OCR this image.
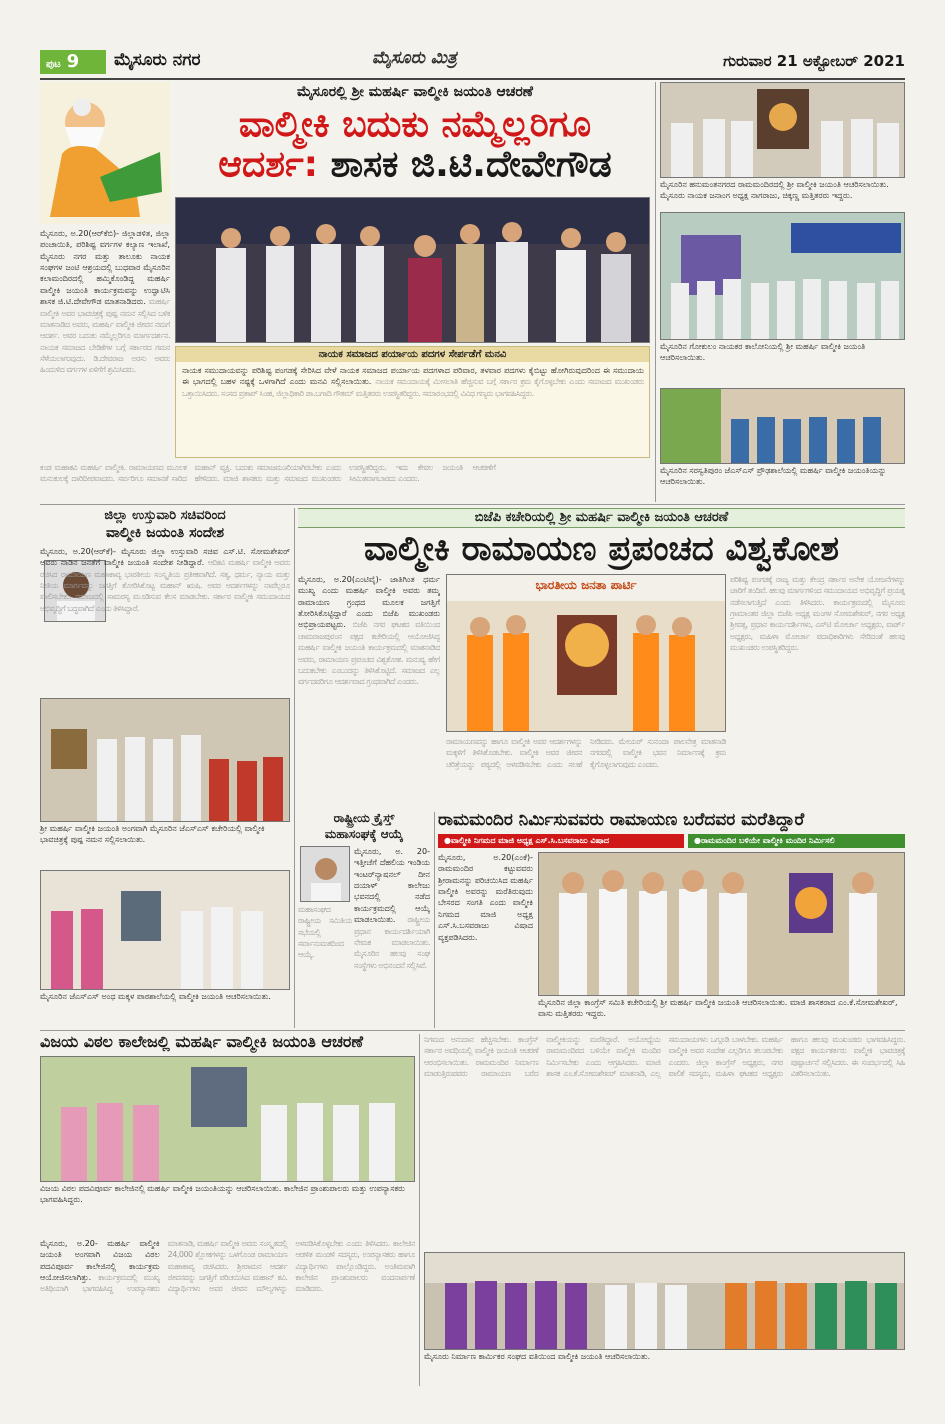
ಪುಟ 9	ಮೈಸೂರು ನಗರ	ಮೈಸೂರು ಮಿತ್ರ	ಗುರುವಾರ 21 ಅಕ್ಟೋಬರ್ 2021
ಮೈಸೂರಲ್ಲಿ ಶ್ರೀ ಮಹರ್ಷಿ ವಾಲ್ಮೀಕಿ ಜಯಂತಿ ಆಚರಣೆ
ವಾಲ್ಮೀಕಿ ಬದುಕು ನಮ್ಮೆಲ್ಲರಿಗೂ
ಆದರ್ಶ: ಶಾಸಕ ಜಿ.ಟಿ.ದೇವೇಗೌಡ
ಮೈಸೂರು, ಅ.20(ಆರ್‌ಕೆಬಿ)- ಜಿಲ್ಲಾಡಳಿತ, ಜಿಲ್ಲಾ ಪಂಚಾಯಿತಿ, ಪರಿಶಿಷ್ಟ ವರ್ಗಗಳ ಕಲ್ಯಾಣ ಇಲಾಖೆ, ಮೈಸೂರು ನಗರ ಮತ್ತು ತಾಲೂಕು ನಾಯಕ ಸಂಘಗಳ ಜಂಟಿ ಆಶ್ರಯದಲ್ಲಿ ಬುಧವಾರ ಮೈಸೂರಿನ ಕಲಾಮಂದಿರದಲ್ಲಿ ಹಮ್ಮಿಕೊಂಡಿದ್ದ ಮಹರ್ಷಿ ವಾಲ್ಮೀಕಿ ಜಯಂತಿ ಕಾರ್ಯಕ್ರಮವನ್ನು ಉದ್ಘಾಟಿಸಿ ಶಾಸಕ ಜಿ.ಟಿ.ದೇವೇಗೌಡ ಮಾತನಾಡಿದರು. ಮಹರ್ಷಿ ವಾಲ್ಮೀಕಿ ಅವರ ಭಾವಚಿತ್ರಕ್ಕೆ ಪುಷ್ಪ ನಮನ ಸಲ್ಲಿಸಿದ ಬಳಿಕ ಮಾತನಾಡಿದ ಅವರು, ಮಹರ್ಷಿ ವಾಲ್ಮೀಕಿ ಜೀವನ ನಮಗೆ ಆದರ್ಶ. ಅವರ ಬದುಕು ನಮ್ಮೆಲ್ಲರಿಗೂ ಮಾರ್ಗದರ್ಶನ. ನಾಯಕ ಸಮಾಜದ ಬೇಡಿಕೆಗಳ ಬಗ್ಗೆ ಸರ್ಕಾರದ ಗಮನ ಸೆಳೆಯಲಾಗುವುದು. ಡಿ.ದೇವರಾಜ ಅರಸು ಅವರು ಹಿಂದುಳಿದ ವರ್ಗಗಳ ಏಳಿಗೆಗೆ ಶ್ರಮಿಸಿದರು.
ನಾಯಕ ಸಮಾಜದ ಪರ್ಯಾಯ ಪದಗಳ ಸೇರ್ಪಡೆಗೆ ಮನವಿ
ನಾಯಕ ಸಮುದಾಯವನ್ನು ಪರಿಶಿಷ್ಟ ಪಂಗಡಕ್ಕೆ ಸೇರಿಸಿದ ವೇಳೆ ನಾಯಕ ಸಮಾಜದ ಪರ್ಯಾಯ ಪದಗಳಾದ ಪರಿವಾರ, ತಳವಾರ ಪದಗಳು ಕೈಬಿಟ್ಟು ಹೋಗಿರುವುದರಿಂದ ಈ ಸಮುದಾಯ ಈ ಭಾಗದಲ್ಲಿ ಬಹಳ ನಷ್ಟಕ್ಕೆ ಒಳಗಾಗಿದೆ ಎಂದು ಮನವಿ ಸಲ್ಲಿಸಲಾಯಿತು. ನಾಯಕ ಸಮುದಾಯಕ್ಕೆ ಮೀಸಲಾತಿ ಹೆಚ್ಚಿಸುವ ಬಗ್ಗೆ ಸರ್ಕಾರ ಕ್ರಮ ಕೈಗೊಳ್ಳಬೇಕು ಎಂದು ಸಮಾಜದ ಮುಖಂಡರು ಒತ್ತಾಯಿಸಿದರು. ಸಂಸದ ಪ್ರತಾಪ್ ಸಿಂಹ, ಜಿಲ್ಲಾಧಿಕಾರಿ ಡಾ.ಬಗಾದಿ ಗೌತಮ್ ಮತ್ತಿತರರು ಉಪಸ್ಥಿತರಿದ್ದರು. ಸಮಾರಂಭದಲ್ಲಿ ವಿವಿಧ ಗಣ್ಯರು ಭಾಗವಹಿಸಿದ್ದರು.
ಕಂಡ ಮಹಾಕವಿ ಮಹರ್ಷಿ ವಾಲ್ಮೀಕಿ. ರಾಮಾಯಣದ ಮೂಲಕ ಮನುಕುಲಕ್ಕೆ ದಾರಿದೀಪವಾದರು. ಸರ್ವರಿಗೂ ಸಮಾನತೆ ಸಾರಿದ ಮಹಾನ್ ವ್ಯಕ್ತಿ. ಬದುಕು ಸಮಾಜಮುಖಿಯಾಗಿರಬೇಕು ಎಂದು ಹೇಳಿದರು. ಮಾಜಿ ಶಾಸಕರು ಮತ್ತು ಸಮಾಜದ ಮುಖಂಡರು ಉಪಸ್ಥಿತರಿದ್ದರು. ಇದು ಕೇವಲ ಜಯಂತಿ ಆಚರಣೆಗೆ ಸೀಮಿತವಾಗಬಾರದು ಎಂದರು.
ಮೈಸೂರಿನ ಹನುಮಂತನಗರದ ರಾಮಮಂದಿರದಲ್ಲಿ ಶ್ರೀ ವಾಲ್ಮೀಕಿ ಜಯಂತಿ ಆಚರಿಸಲಾಯಿತು. ಮೈಸೂರು ನಾಯಕ ಜನಾಂಗ ಅಧ್ಯಕ್ಷ ನಾಗರಾಜು, ಚಿಕ್ಕಣ್ಣ ಮತ್ತಿತರರು ಇದ್ದರು.
ಮೈಸೂರಿನ ಗೋಕುಲಂ ನಾಯಕರ ಕಾಲೋನಿಯಲ್ಲಿ ಶ್ರೀ ಮಹರ್ಷಿ ವಾಲ್ಮೀಕಿ ಜಯಂತಿ ಆಚರಿಸಲಾಯಿತು.
ಮೈಸೂರಿನ ಸರಸ್ವತಿಪುರಂ ಜೆಎಸ್‌ಎಸ್ ಪ್ರೌಢಶಾಲೆಯಲ್ಲಿ ಮಹರ್ಷಿ ವಾಲ್ಮೀಕಿ ಜಯಂತಿಯನ್ನು ಆಚರಿಸಲಾಯಿತು.
ಜಿಲ್ಲಾ ಉಸ್ತುವಾರಿ ಸಚಿವರಿಂದ
ವಾಲ್ಮೀಕಿ ಜಯಂತಿ ಸಂದೇಶ
ಮೈಸೂರು, ಅ.20(ಆರ್‌ಕೆ)- ಮೈಸೂರು ಜಿಲ್ಲಾ ಉಸ್ತುವಾರಿ ಸಚಿವ ಎಸ್.ಟಿ. ಸೋಮಶೇಖರ್ ಅವರು ನಾಡಿನ ಜನತೆಗೆ ವಾಲ್ಮೀಕಿ ಜಯಂತಿ ಸಂದೇಶ ನೀಡಿದ್ದಾರೆ. ಆದಿಕವಿ ಮಹರ್ಷಿ ವಾಲ್ಮೀಕಿ ಅವರು ರಚಿಸಿದ ರಾಮಾಯಣ ಮಹಾಕಾವ್ಯ ಭಾರತೀಯ ಸಂಸ್ಕೃತಿಯ ಪ್ರತೀಕವಾಗಿದೆ. ಸತ್ಯ, ಧರ್ಮ, ನ್ಯಾಯ ಮತ್ತು ನೀತಿಯ ಮಾರ್ಗವನ್ನು ಜಗತ್ತಿಗೆ ತೋರಿಸಿಕೊಟ್ಟ ಮಹಾನ್ ಋಷಿ. ಅವರ ಆದರ್ಶಗಳನ್ನು ನಾವೆಲ್ಲರೂ ಪಾಲಿಸಬೇಕು. ಸಮಾಜದಲ್ಲಿ ಸಾಮರಸ್ಯ ಮೂಡಿಸುವ ಕೆಲಸ ಮಾಡಬೇಕು. ಸರ್ಕಾರ ವಾಲ್ಮೀಕಿ ಸಮುದಾಯದ ಅಭಿವೃದ್ಧಿಗೆ ಬದ್ಧವಾಗಿದೆ ಎಂದು ತಿಳಿಸಿದ್ದಾರೆ.
ಶ್ರೀ ಮಹರ್ಷಿ ವಾಲ್ಮೀಕಿ ಜಯಂತಿ ಅಂಗವಾಗಿ ಮೈಸೂರಿನ ಜೆಎಸ್‌ಎಸ್ ಕಚೇರಿಯಲ್ಲಿ ವಾಲ್ಮೀಕಿ ಭಾವಚಿತ್ರಕ್ಕೆ ಪುಷ್ಪ ನಮನ ಸಲ್ಲಿಸಲಾಯಿತು.
ಮೈಸೂರಿನ ಜೆಎಸ್‌ಎಸ್ ಅಂಧ ಮಕ್ಕಳ ಪಾಠಶಾಲೆಯಲ್ಲಿ ವಾಲ್ಮೀಕಿ ಜಯಂತಿ ಆಚರಿಸಲಾಯಿತು.
ಬಿಜೆಪಿ ಕಚೇರಿಯಲ್ಲಿ ಶ್ರೀ ಮಹರ್ಷಿ ವಾಲ್ಮೀಕಿ ಜಯಂತಿ ಆಚರಣೆ
ವಾಲ್ಮೀಕಿ ರಾಮಾಯಣ ಪ್ರಪಂಚದ ವಿಶ್ವಕೋಶ
ಮೈಸೂರು, ಅ.20(ಎಂಟಿವೈ)- ಜಾತಿಗಿಂತ ಧರ್ಮ ಮುಖ್ಯ ಎಂದು ಮಹರ್ಷಿ ವಾಲ್ಮೀಕಿ ಅವರು ತಮ್ಮ ರಾಮಾಯಣ ಗ್ರಂಥದ ಮೂಲಕ ಜಗತ್ತಿಗೆ ತೋರಿಸಿಕೊಟ್ಟಿದ್ದಾರೆ ಎಂದು ಬಿಜೆಪಿ ಮುಖಂಡರು ಅಭಿಪ್ರಾಯಪಟ್ಟರು. ಬಿಜೆಪಿ ನಗರ ಘಟಕದ ವತಿಯಿಂದ ಚಾಮರಾಜಪುರಂನ ಪಕ್ಷದ ಕಚೇರಿಯಲ್ಲಿ ಆಯೋಜಿಸಿದ್ದ ಮಹರ್ಷಿ ವಾಲ್ಮೀಕಿ ಜಯಂತಿ ಕಾರ್ಯಕ್ರಮದಲ್ಲಿ ಮಾತನಾಡಿದ ಅವರು, ರಾಮಾಯಣ ಪ್ರಪಂಚದ ವಿಶ್ವಕೋಶ. ಮನುಷ್ಯ ಹೇಗೆ ಬದುಕಬೇಕು ಎಂಬುದನ್ನು ತಿಳಿಸಿಕೊಟ್ಟಿದೆ. ಸಮಾಜದ ಎಲ್ಲ ವರ್ಗದವರಿಗೂ ಆದರ್ಶವಾದ ಗ್ರಂಥವಾಗಿದೆ ಎಂದರು.
ಭಾರತೀಯ ಜನತಾ ಪಾರ್ಟಿ	ಪರಿಶಿಷ್ಟ ಪಂಗಡಕ್ಕೆ ರಾಜ್ಯ ಮತ್ತು ಕೇಂದ್ರ ಸರ್ಕಾರ ಅನೇಕ ಯೋಜನೆಗಳನ್ನು ಜಾರಿಗೆ ತಂದಿವೆ. ಹಲವು ಮಾರ್ಗಗಳಿಂದ ಸಮುದಾಯದ ಅಭಿವೃದ್ಧಿಗೆ ಪ್ರಯತ್ನ ನಡೆಸಲಾಗುತ್ತಿದೆ ಎಂದು ತಿಳಿಸಿದರು. ಕಾರ್ಯಕ್ರಮದಲ್ಲಿ ಮೈಸೂರು ಗ್ರಾಮಾಂತರ ಜಿಲ್ಲಾ ಬಿಜೆಪಿ ಅಧ್ಯಕ್ಷ ಮಂಗಳ ಸೋಮಶೇಖರ್, ನಗರ ಅಧ್ಯಕ್ಷ ಶ್ರೀವತ್ಸ, ಪ್ರಧಾನ ಕಾರ್ಯದರ್ಶಿಗಳು, ಎಸ್‌ಟಿ ಮೋರ್ಚಾ ಅಧ್ಯಕ್ಷರು, ವಾರ್ಡ್ ಅಧ್ಯಕ್ಷರು, ಮಹಿಳಾ ಮೋರ್ಚಾ ಪದಾಧಿಕಾರಿಗಳು ಸೇರಿದಂತೆ ಹಲವು ಮುಖಂಡರು ಉಪಸ್ಥಿತರಿದ್ದರು.
ರಾಮಾಯಣವನ್ನು ಹಾಗೂ ವಾಲ್ಮೀಕಿ ಅವರ ಆದರ್ಶಗಳನ್ನು ಮಕ್ಕಳಿಗೆ ತಿಳಿಸಿಕೊಡಬೇಕು. ವಾಲ್ಮೀಕಿ ಅವರ ಜೀವನ ಚರಿತ್ರೆಯನ್ನು ಪಠ್ಯದಲ್ಲಿ ಅಳವಡಿಸಬೇಕು ಎಂದು ಸಲಹೆ ನೀಡಿದರು. ಮೇಯರ್ ಸುನಂದಾ ಪಾಲನೇತ್ರ ಮಾತನಾಡಿ ನಗರದಲ್ಲಿ ವಾಲ್ಮೀಕಿ ಭವನ ನಿರ್ಮಾಣಕ್ಕೆ ಕ್ರಮ ಕೈಗೊಳ್ಳಲಾಗುವುದು ಎಂದರು.
ರಾಷ್ಟ್ರೀಯ ಕ್ರೈಸ್ತ್
ಮಹಾಸಂಘಕ್ಕೆ ಆಯ್ಕೆ
ಮೈಸೂರು, ಅ. 20- ಇತ್ತೀಚೆಗೆ ದೆಹಲಿಯ ಇಂಡಿಯ ಇಂಟರ್‌ನ್ಯಾಷನಲ್ ದೀನ ದಯಾಳ್ ಕಾಲೇಜು ಭವನದಲ್ಲಿ ನಡೆದ ಕಾರ್ಯಕ್ರಮದಲ್ಲಿ ಆಯ್ಕೆ ಮಾಡಲಾಯಿತು. ರಾಷ್ಟ್ರೀಯ ಪ್ರಧಾನ ಕಾರ್ಯದರ್ಶಿಯಾಗಿ ನೇಮಕ ಮಾಡಲಾಯಿತು. ಮೈಸೂರಿನ ಹಲವು ಸಂಘ ಸಂಸ್ಥೆಗಳು ಅಭಿನಂದನೆ ಸಲ್ಲಿಸಿವೆ.
ಮಹಾಸಂಘದ ರಾಷ್ಟ್ರೀಯ ಸಮಿತಿಯ ಸಭೆಯಲ್ಲಿ ಸರ್ವಾನುಮತದಿಂದ ಆಯ್ಕೆ.
ರಾಮಮಂದಿರ ನಿರ್ಮಿಸುವವರು ರಾಮಾಯಣ ಬರೆದವರ ಮರೆತಿದ್ದಾರೆ
●ವಾಲ್ಮೀಕಿ ನಿಗಮದ ಮಾಜಿ ಅಧ್ಯಕ್ಷ ಎಸ್.ಸಿ.ಬಸವರಾಜು ವಿಷಾದ	●ರಾಮಮಂದಿರ ಬಳಿಯೇ ವಾಲ್ಮೀಕಿ ಮಂದಿರ ನಿರ್ಮಿಸಲಿ
ಮೈಸೂರು, ಅ.20(ಎಂಕೆ)- ರಾಮಮಂದಿರ ಕಟ್ಟುವವರು ಶ್ರೀರಾಮನನ್ನು ಪರಿಚಯಿಸಿದ ಮಹರ್ಷಿ ವಾಲ್ಮೀಕಿ ಅವರನ್ನು ಮರೆತಿರುವುದು ಬೇಸರದ ಸಂಗತಿ ಎಂದು ವಾಲ್ಮೀಕಿ ನಿಗಮದ ಮಾಜಿ ಅಧ್ಯಕ್ಷ ಎಸ್.ಸಿ.ಬಸವರಾಜು ವಿಷಾದ ವ್ಯಕ್ತಪಡಿಸಿದರು.
ಮೈಸೂರಿನ ಜಿಲ್ಲಾ ಕಾಂಗ್ರೆಸ್ ಸಮಿತಿ ಕಚೇರಿಯಲ್ಲಿ ಶ್ರೀ ಮಹರ್ಷಿ ವಾಲ್ಮೀಕಿ ಜಯಂತಿ ಆಚರಿಸಲಾಯಿತು. ಮಾಜಿ ಶಾಸಕರಾದ ಎಂ.ಕೆ.ಸೋಮಶೇಖರ್, ವಾಸು ಮತ್ತಿತರರು ಇದ್ದರು.
ವಿಜಯ ವಿಠಲ ಕಾಲೇಜಲ್ಲಿ ಮಹರ್ಷಿ ವಾಲ್ಮೀಕಿ ಜಯಂತಿ ಆಚರಣೆ
ವಿಜಯ ವಿಠಲ ಪದವಿಪೂರ್ವ ಕಾಲೇಜಿನಲ್ಲಿ ಮಹರ್ಷಿ ವಾಲ್ಮೀಕಿ ಜಯಂತಿಯನ್ನು ಆಚರಿಸಲಾಯಿತು. ಕಾಲೇಜಿನ ಪ್ರಾಂಶುಪಾಲರು ಮತ್ತು ಉಪನ್ಯಾಸಕರು ಭಾಗವಹಿಸಿದ್ದರು.
ಮೈಸೂರು, ಅ.20- ಮಹರ್ಷಿ ವಾಲ್ಮೀಕಿ ಜಯಂತಿ ಅಂಗವಾಗಿ ವಿಜಯ ವಿಠಲ ಪದವಿಪೂರ್ವ ಕಾಲೇಜಿನಲ್ಲಿ ಕಾರ್ಯಕ್ರಮ ಆಯೋಜಿಸಲಾಗಿತ್ತು. ಕಾರ್ಯಕ್ರಮದಲ್ಲಿ ಮುಖ್ಯ ಅತಿಥಿಯಾಗಿ ಭಾಗವಹಿಸಿದ್ದ ಉಪನ್ಯಾಸಕರು ಮಾತನಾಡಿ, ಮಹರ್ಷಿ ವಾಲ್ಮೀಕಿ ಅವರು ಸಂಸ್ಕೃತದಲ್ಲಿ 24,000 ಶ್ಲೋಕಗಳನ್ನು ಒಳಗೊಂಡ ರಾಮಾಯಣ ಮಹಾಕಾವ್ಯ ರಚಿಸಿದರು. ಶ್ರೀರಾಮನ ಆದರ್ಶ ಜೀವನವನ್ನು ಜಗತ್ತಿಗೆ ಪರಿಚಯಿಸಿದ ಮಹಾನ್ ಕವಿ. ವಿದ್ಯಾರ್ಥಿಗಳು ಅವರ ಜೀವನ ಮೌಲ್ಯಗಳನ್ನು ಅಳವಡಿಸಿಕೊಳ್ಳಬೇಕು ಎಂದು ತಿಳಿಸಿದರು. ಕಾಲೇಜಿನ ಆಡಳಿತ ಮಂಡಳಿ ಸದಸ್ಯರು, ಉಪನ್ಯಾಸಕರು ಹಾಗೂ ವಿದ್ಯಾರ್ಥಿಗಳು ಪಾಲ್ಗೊಂಡಿದ್ದರು. ಅಂತಿಮವಾಗಿ ಕಾಲೇಜಿನ ಪ್ರಾಂಶುಪಾಲರು ವಂದನಾರ್ಪಣೆ ಮಾಡಿದರು.
ನಿಗಮದ ಅನುದಾನ ಹೆಚ್ಚಿಸಬೇಕು. ಕಾಂಗ್ರೆಸ್ ಸರ್ಕಾರ ಅವಧಿಯಲ್ಲಿ ವಾಲ್ಮೀಕಿ ಜಯಂತಿ ಆಚರಣೆ ಆರಂಭಿಸಲಾಯಿತು. ರಾಮಮಂದಿರ ನಿರ್ಮಾಣ ಮಾಡುತ್ತಿರುವವರು ರಾಮಾಯಣ ಬರೆದ ವಾಲ್ಮೀಕಿಯನ್ನು ಮರೆತಿದ್ದಾರೆ. ಅಯೋಧ್ಯೆಯ ರಾಮಮಂದಿರದ ಬಳಿಯೇ ವಾಲ್ಮೀಕಿ ಮಂದಿರ ನಿರ್ಮಿಸಬೇಕು ಎಂದು ಆಗ್ರಹಿಸಿದರು. ಮಾಜಿ ಶಾಸಕ ಎಂ.ಕೆ.ಸೋಮಶೇಖರ್ ಮಾತನಾಡಿ, ಎಲ್ಲ ಸಮುದಾಯಗಳು ಒಗ್ಗೂಡಿ ಬಾಳಬೇಕು. ಮಹರ್ಷಿ ವಾಲ್ಮೀಕಿ ಅವರ ಸಂದೇಶ ಎಲ್ಲರಿಗೂ ತಲುಪಬೇಕು ಎಂದರು. ಜಿಲ್ಲಾ ಕಾಂಗ್ರೆಸ್ ಅಧ್ಯಕ್ಷರು, ನಗರ ಪಾಲಿಕೆ ಸದಸ್ಯರು, ಮಹಿಳಾ ಘಟಕದ ಅಧ್ಯಕ್ಷರು ಹಾಗೂ ಹಲವು ಮುಖಂಡರು ಭಾಗವಹಿಸಿದ್ದರು. ಪಕ್ಷದ ಕಾರ್ಯಕರ್ತರು ವಾಲ್ಮೀಕಿ ಭಾವಚಿತ್ರಕ್ಕೆ ಪುಷ್ಪಾರ್ಚನೆ ಸಲ್ಲಿಸಿದರು. ಈ ಸಂದರ್ಭದಲ್ಲಿ ಸಿಹಿ ವಿತರಿಸಲಾಯಿತು.
ಮೈಸೂರು ನಿರ್ಮಾಣ ಕಾರ್ಮಿಕರ ಸಂಘದ ವತಿಯಿಂದ ವಾಲ್ಮೀಕಿ ಜಯಂತಿ ಆಚರಿಸಲಾಯಿತು.
